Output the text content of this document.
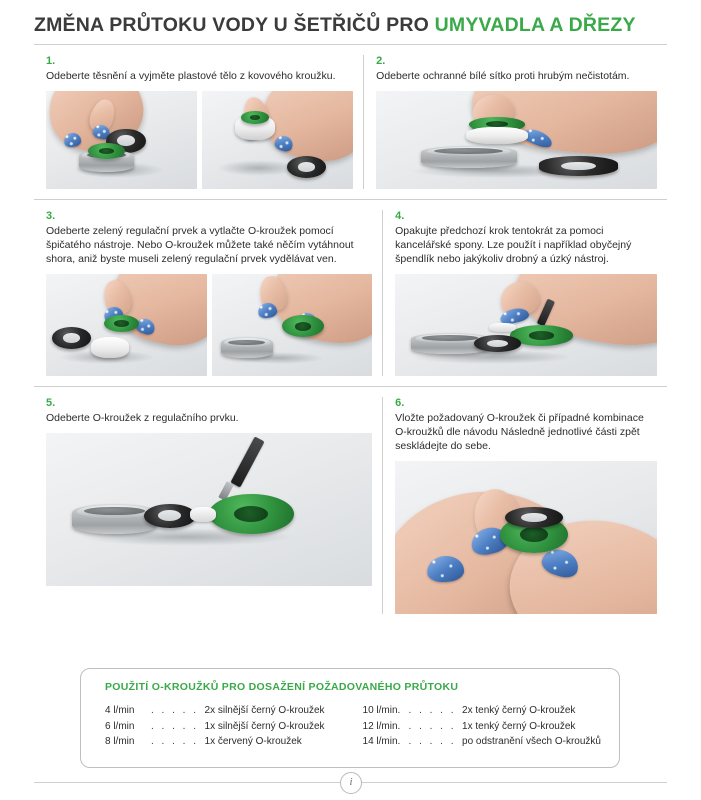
ZMĚNA PRŮTOKU VODY U ŠETŘIČŮ PRO UMYVADLA A DŘEZY
1.
Odeberte těsnění a vyjměte plastové tělo z kovového kroužku.
2.
Odeberte ochranné bílé sítko proti hrubým nečistotám.
3.
Odeberte zelený regulační prvek a vytlačte O-kroužek pomocí špičatého nástroje. Nebo O-kroužek můžete také něčím vytáhnout shora, aniž byste museli zelený regulační prvek vydělávat ven.
4.
Opakujte předchozí krok tentokrát za pomoci kancelářské spony. Lze použít i například obyčejný špendlík nebo jakýkoliv drobný a úzký nástroj.
5.
Odeberte O-kroužek z regulačního prvku.
6.
Vložte požadovaný O-kroužek či případné kombinace O-kroužků dle návodu Následně jednotlivé části zpět seskládejte do sebe.
POUŽITÍ O-KROUŽKŮ PRO DOSAŽENÍ POŽADOVANÉHO PRŮTOKU
4 l/min	. . . . . 2x silnější černý O-kroužek
6 l/min	. . . . . 1x silnější černý O-kroužek
8 l/min	. . . . . 1x červený O-kroužek
10 l/min. . . . . . 2x tenký černý O-kroužek
12 l/min. . . . . . 1x tenký černý O-kroužek
14 l/min. . . . . . po odstranění všech O-kroužků
i
